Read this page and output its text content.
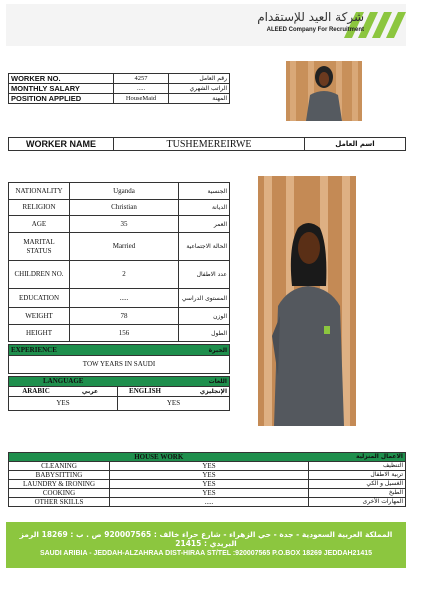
شركة العيد للإستقدام
ALEED Company For Recruitment
WORKER NO.	4257	رقم العامل
MONTHLY SALARY	.....	الراتب الشهري
POSITION APPLIED	HouseMaid	المهنة
WORKER NAME	TUSHEMEREIRWE	اسم العامل
NATIONALITY	Uganda	الجنسية
RELIGION	Christian	الديانة
AGE	35	العمر
MARITAL STATUS	Married	الحالة الاجتماعية
CHILDREN NO.	2	عدد الاطفال
EDUCATION	.....	المستوى الدراسي
WEIGHT	78	الوزن
HEIGHT	156	الطول
EXPERIENCE	الخبرة
TOW YEARS IN SAUDI
LANGUAGE		اللغات	
ARABIC	عربي	ENGLISH	الإنجليزي
YES		YES	
HOUSE WORK		الاعمال المنزلية
CLEANING	YES	التنظيف
BABYSITTING	YES	تربية الاطفال
LAUNDRY & IRONING	YES	الغسيل و الكي
COOKING	YES	الطبخ
OTHER SKILLS	.....	المهارات الأخرى
المملكة العربية السعودية - جدة - حي الزهراء - شارع حراء خالف : 920007565 ص . ب : 18269 الرمز البريدي : 21415
SAUDI ARIBIA - JEDDAH-ALZAHRAA DIST-HIRAA ST/TEL :920007565 P.O.BOX 18269 JEDDAH21415
